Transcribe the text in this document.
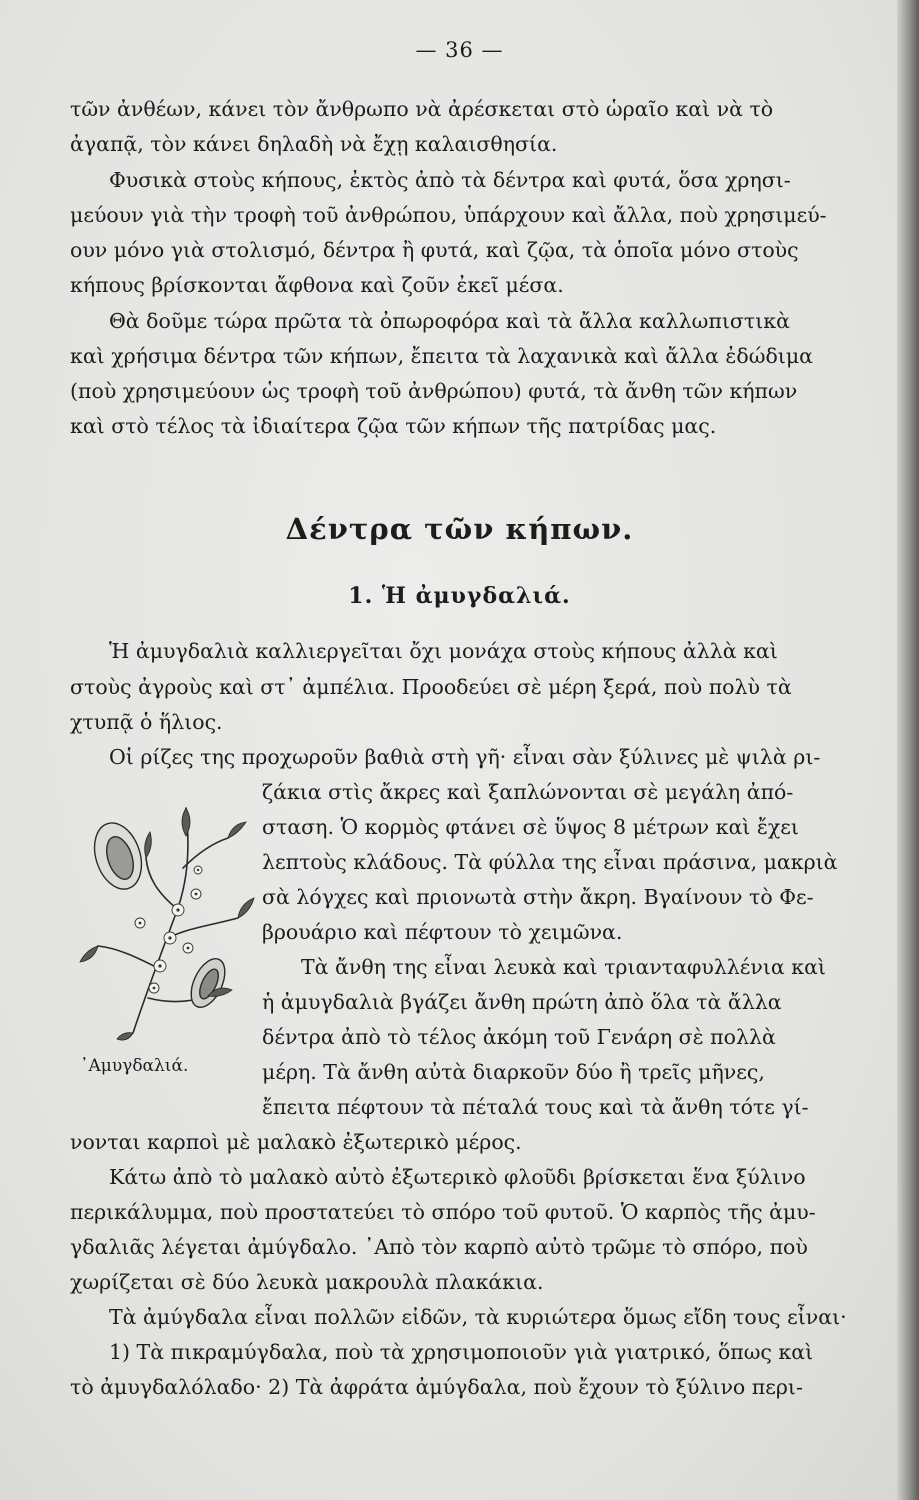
— 36 —
τῶν ἀνθέων, κάνει τὸν ἄνθρωπο νὰ ἀρέσκεται στὸ ὡραῖο καὶ νὰ τὸ
ἀγαπᾷ, τὸν κάνει δηλαδὴ νὰ ἔχῃ καλαισθησία.
Φυσικὰ στοὺς κήπους, ἐκτὸς ἀπὸ τὰ δέντρα καὶ φυτά, ὅσα χρησι-
μεύουν γιὰ τὴν τροφὴ τοῦ ἀνθρώπου, ὑπάρχουν καὶ ἄλλα, ποὺ χρησιμεύ-
ουν μόνο γιὰ στολισμό, δέντρα ἢ φυτά, καὶ ζῷα, τὰ ὁποῖα μόνο στοὺς
κήπους βρίσκονται ἄφθονα καὶ ζοῦν ἐκεῖ μέσα.
Θὰ δοῦμε τώρα πρῶτα τὰ ὀπωροφόρα καὶ τὰ ἄλλα καλλωπιστικὰ
καὶ χρήσιμα δέντρα τῶν κήπων, ἔπειτα τὰ λαχανικὰ καὶ ἄλλα ἐδώδιμα
(ποὺ χρησιμεύουν ὡς τροφὴ τοῦ ἀνθρώπου) φυτά, τὰ ἄνθη τῶν κήπων
καὶ στὸ τέλος τὰ ἰδιαίτερα ζῷα τῶν κήπων τῆς πατρίδας μας.
Δέντρα τῶν κήπων.
1. Ἡ ἀμυγδαλιά.
Ἡ ἀμυγδαλιὰ καλλιεργεῖται ὄχι μονάχα στοὺς κήπους ἀλλὰ καὶ
στοὺς ἀγροὺς καὶ στ᾽ ἀμπέλια. Προοδεύει σὲ μέρη ξερά, ποὺ πολὺ τὰ
χτυπᾷ ὁ ἥλιος.
Οἱ ρίζες της προχωροῦν βαθιὰ στὴ γῆ· εἶναι σὰν ξύλινες μὲ ψιλὰ ρι-
᾽Αμυγδαλιά.
ζάκια στὶς ἄκρες καὶ ξαπλώνονται σὲ μεγάλη ἀπό-
σταση. Ὁ κορμὸς φτάνει σὲ ὕψος 8 μέτρων καὶ ἔχει
λεπτοὺς κλάδους. Τὰ φύλλα της εἶναι πράσινα, μακριὰ
σὰ λόγχες καὶ πριονωτὰ στὴν ἄκρη. Βγαίνουν τὸ Φε-
βρουάριο καὶ πέφτουν τὸ χειμῶνα.
Τὰ ἄνθη της εἶναι λευκὰ καὶ τριανταφυλλένια καὶ
ἡ ἀμυγδαλιὰ βγάζει ἄνθη πρώτη ἀπὸ ὅλα τὰ ἄλλα
δέντρα ἀπὸ τὸ τέλος ἀκόμη τοῦ Γενάρη σὲ πολλὰ
μέρη. Τὰ ἄνθη αὐτὰ διαρκοῦν δύο ἢ τρεῖς μῆνες,
ἔπειτα πέφτουν τὰ πέταλά τους καὶ τὰ ἄνθη τότε γί-
νονται καρποὶ μὲ μαλακὸ ἐξωτερικὸ μέρος.
Κάτω ἀπὸ τὸ μαλακὸ αὐτὸ ἐξωτερικὸ φλοῦδι βρίσκεται ἕνα ξύλινο
περικάλυμμα, ποὺ προστατεύει τὸ σπόρο τοῦ φυτοῦ. Ὁ καρπὸς τῆς ἀμυ-
γδαλιᾶς λέγεται ἀμύγδαλο. ᾽Απὸ τὸν καρπὸ αὐτὸ τρῶμε τὸ σπόρο, ποὺ
χωρίζεται σὲ δύο λευκὰ μακρουλὰ πλακάκια.
Τὰ ἀμύγδαλα εἶναι πολλῶν εἰδῶν, τὰ κυριώτερα ὅμως εἴδη τους εἶναι·
1) Τὰ πικραμύγδαλα, ποὺ τὰ χρησιμοποιοῦν γιὰ γιατρικό, ὅπως καὶ
τὸ ἀμυγδαλόλαδο· 2) Τὰ ἀφράτα ἀμύγδαλα, ποὺ ἔχουν τὸ ξύλινο περι-
